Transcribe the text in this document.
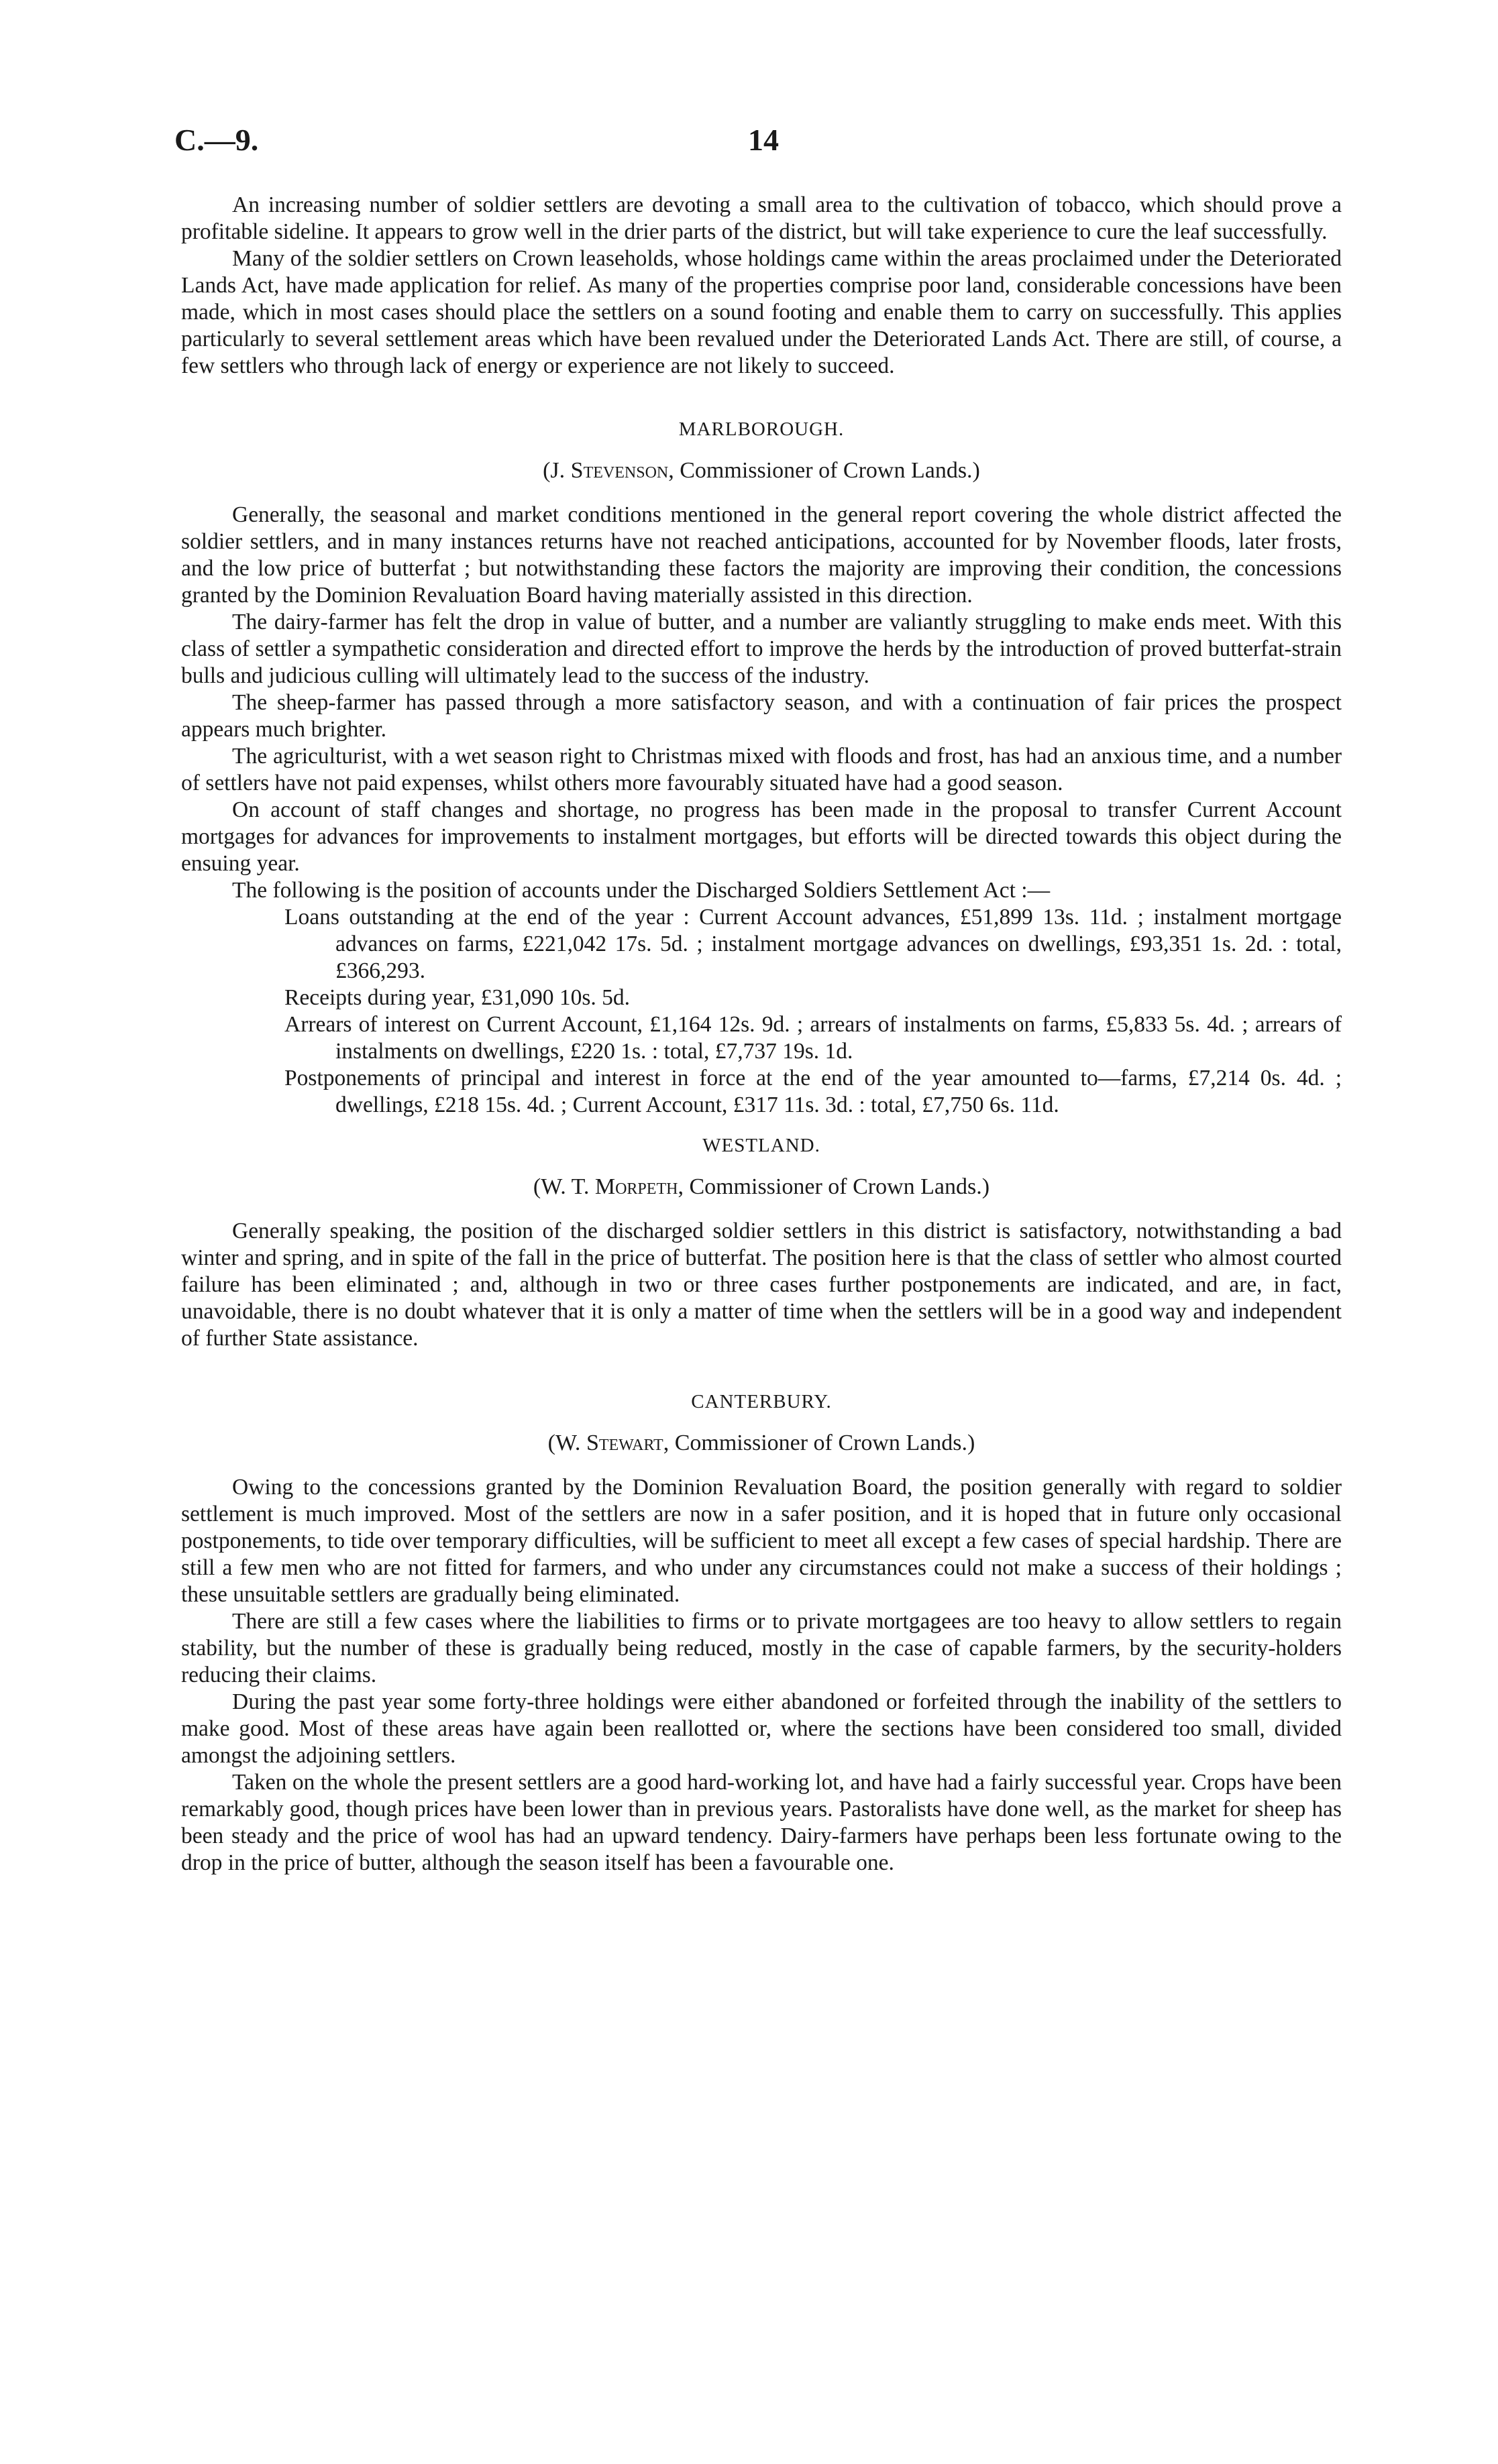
C.—9.	14

An increasing number of soldier settlers are devoting a small area to the cultivation of tobacco, which should prove a profitable sideline. It appears to grow well in the drier parts of the district, but will take experience to cure the leaf successfully.

Many of the soldier settlers on Crown leaseholds, whose holdings came within the areas proclaimed under the Deteriorated Lands Act, have made application for relief. As many of the properties comprise poor land, considerable concessions have been made, which in most cases should place the settlers on a sound footing and enable them to carry on successfully. This applies particularly to several settlement areas which have been revalued under the Deteriorated Lands Act. There are still, of course, a few settlers who through lack of energy or experience are not likely to succeed.

MARLBOROUGH.
(J. Stevenson, Commissioner of Crown Lands.)

Generally, the seasonal and market conditions mentioned in the general report covering the whole district affected the soldier settlers, and in many instances returns have not reached anticipations, accounted for by November floods, later frosts, and the low price of butterfat ; but notwithstanding these factors the majority are improving their condition, the concessions granted by the Dominion Revaluation Board having materially assisted in this direction.

The dairy-farmer has felt the drop in value of butter, and a number are valiantly struggling to make ends meet. With this class of settler a sympathetic consideration and directed effort to improve the herds by the introduction of proved butterfat-strain bulls and judicious culling will ultimately lead to the success of the industry.

The sheep-farmer has passed through a more satisfactory season, and with a continuation of fair prices the prospect appears much brighter.

The agriculturist, with a wet season right to Christmas mixed with floods and frost, has had an anxious time, and a number of settlers have not paid expenses, whilst others more favourably situated have had a good season.

On account of staff changes and shortage, no progress has been made in the proposal to transfer Current Account mortgages for advances for improvements to instalment mortgages, but efforts will be directed towards this object during the ensuing year.

The following is the position of accounts under the Discharged Soldiers Settlement Act :—

Loans outstanding at the end of the year : Current Account advances, £51,899 13s. 11d. ; instalment mortgage advances on farms, £221,042 17s. 5d. ; instalment mortgage advances on dwellings, £93,351 1s. 2d. : total, £366,293.
Receipts during year, £31,090 10s. 5d.
Arrears of interest on Current Account, £1,164 12s. 9d. ; arrears of instalments on farms, £5,833 5s. 4d. ; arrears of instalments on dwellings, £220 1s. : total, £7,737 19s. 1d.
Postponements of principal and interest in force at the end of the year amounted to—farms, £7,214 0s. 4d. ; dwellings, £218 15s. 4d. ; Current Account, £317 11s. 3d. : total, £7,750 6s. 11d.
WESTLAND.
(W. T. Morpeth, Commissioner of Crown Lands.)

Generally speaking, the position of the discharged soldier settlers in this district is satisfactory, notwithstanding a bad winter and spring, and in spite of the fall in the price of butterfat. The position here is that the class of settler who almost courted failure has been eliminated ; and, although in two or three cases further postponements are indicated, and are, in fact, unavoidable, there is no doubt whatever that it is only a matter of time when the settlers will be in a good way and independent of further State assistance.

CANTERBURY.
(W. Stewart, Commissioner of Crown Lands.)

Owing to the concessions granted by the Dominion Revaluation Board, the position generally with regard to soldier settlement is much improved. Most of the settlers are now in a safer position, and it is hoped that in future only occasional postponements, to tide over temporary difficulties, will be sufficient to meet all except a few cases of special hardship. There are still a few men who are not fitted for farmers, and who under any circumstances could not make a success of their holdings ; these unsuitable settlers are gradually being eliminated.

There are still a few cases where the liabilities to firms or to private mortgagees are too heavy to allow settlers to regain stability, but the number of these is gradually being reduced, mostly in the case of capable farmers, by the security-holders reducing their claims.

During the past year some forty-three holdings were either abandoned or forfeited through the inability of the settlers to make good. Most of these areas have again been reallotted or, where the sections have been considered too small, divided amongst the adjoining settlers.

Taken on the whole the present settlers are a good hard-working lot, and have had a fairly successful year. Crops have been remarkably good, though prices have been lower than in previous years. Pastoralists have done well, as the market for sheep has been steady and the price of wool has had an upward tendency. Dairy-farmers have perhaps been less fortunate owing to the drop in the price of butter, although the season itself has been a favourable one.
